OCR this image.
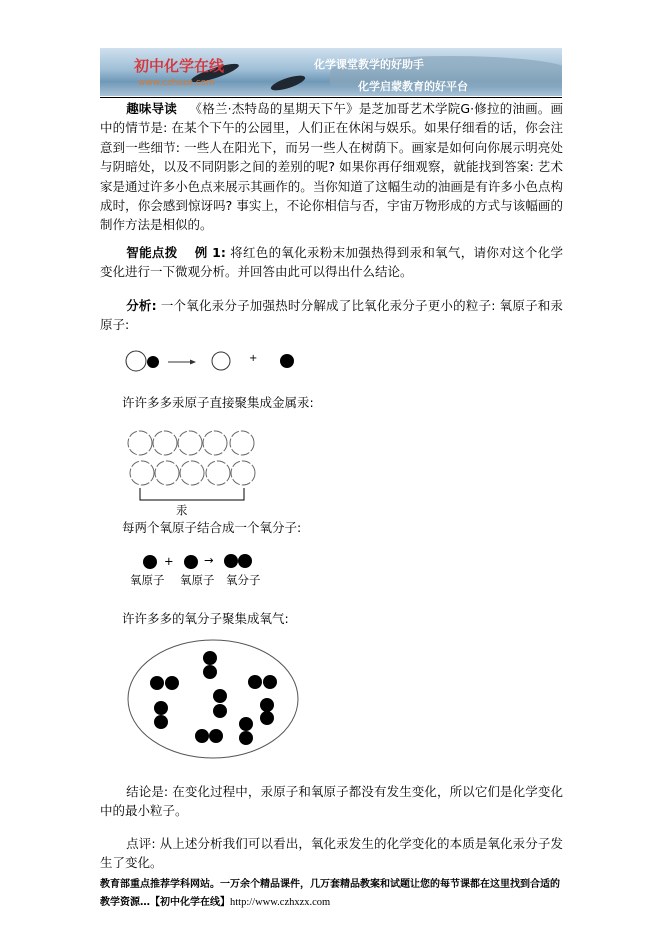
初中化学在线
www.czhxzx.com
化学课堂教学的好助手
化学启蒙教育的好平台

趣味导读 《格兰·杰特岛的星期天下午》是芝加哥艺术学院G·修拉的油画。画中的情节是: 在某个下午的公园里，人们正在休闲与娱乐。如果仔细看的话，你会注意到一些细节: 一些人在阳光下，而另一些人在树荫下。画家是如何向你展示明亮处与阴暗处，以及不同阴影之间的差别的呢? 如果你再仔细观察，就能找到答案: 艺术家是通过许多小色点来展示其画作的。当你知道了这幅生动的油画是有许多小色点构成时，你会感到惊讶吗? 事实上，不论你相信与否，宇宙万物形成的方式与该幅画的制作方法是相似的。

智能点拨 例 1: 将红色的氧化汞粉末加强热得到汞和氧气，请你对这个化学变化进行一下微观分析。并回答由此可以得出什么结论。

分析: 一个氧化汞分子加强热时分解成了比氧化汞分子更小的粒子: 氧原子和汞原子:

+

许许多多汞原子直接聚集成金属汞:

汞

每两个氧原子结合成一个氧分子:

+	→
氧原子 氧原子 氧分子

许许多多的氧分子聚集成氧气:

结论是: 在变化过程中，汞原子和氧原子都没有发生变化，所以它们是化学变化中的最小粒子。

点评: 从上述分析我们可以看出，氧化汞发生的化学变化的本质是氧化汞分子发生了变化。

教育部重点推荐学科网站。一万余个精品课件，几万套精品教案和试题让您的每节课都在这里找到合适的教学资源…【初中化学在线】http://www.czhxzx.com
